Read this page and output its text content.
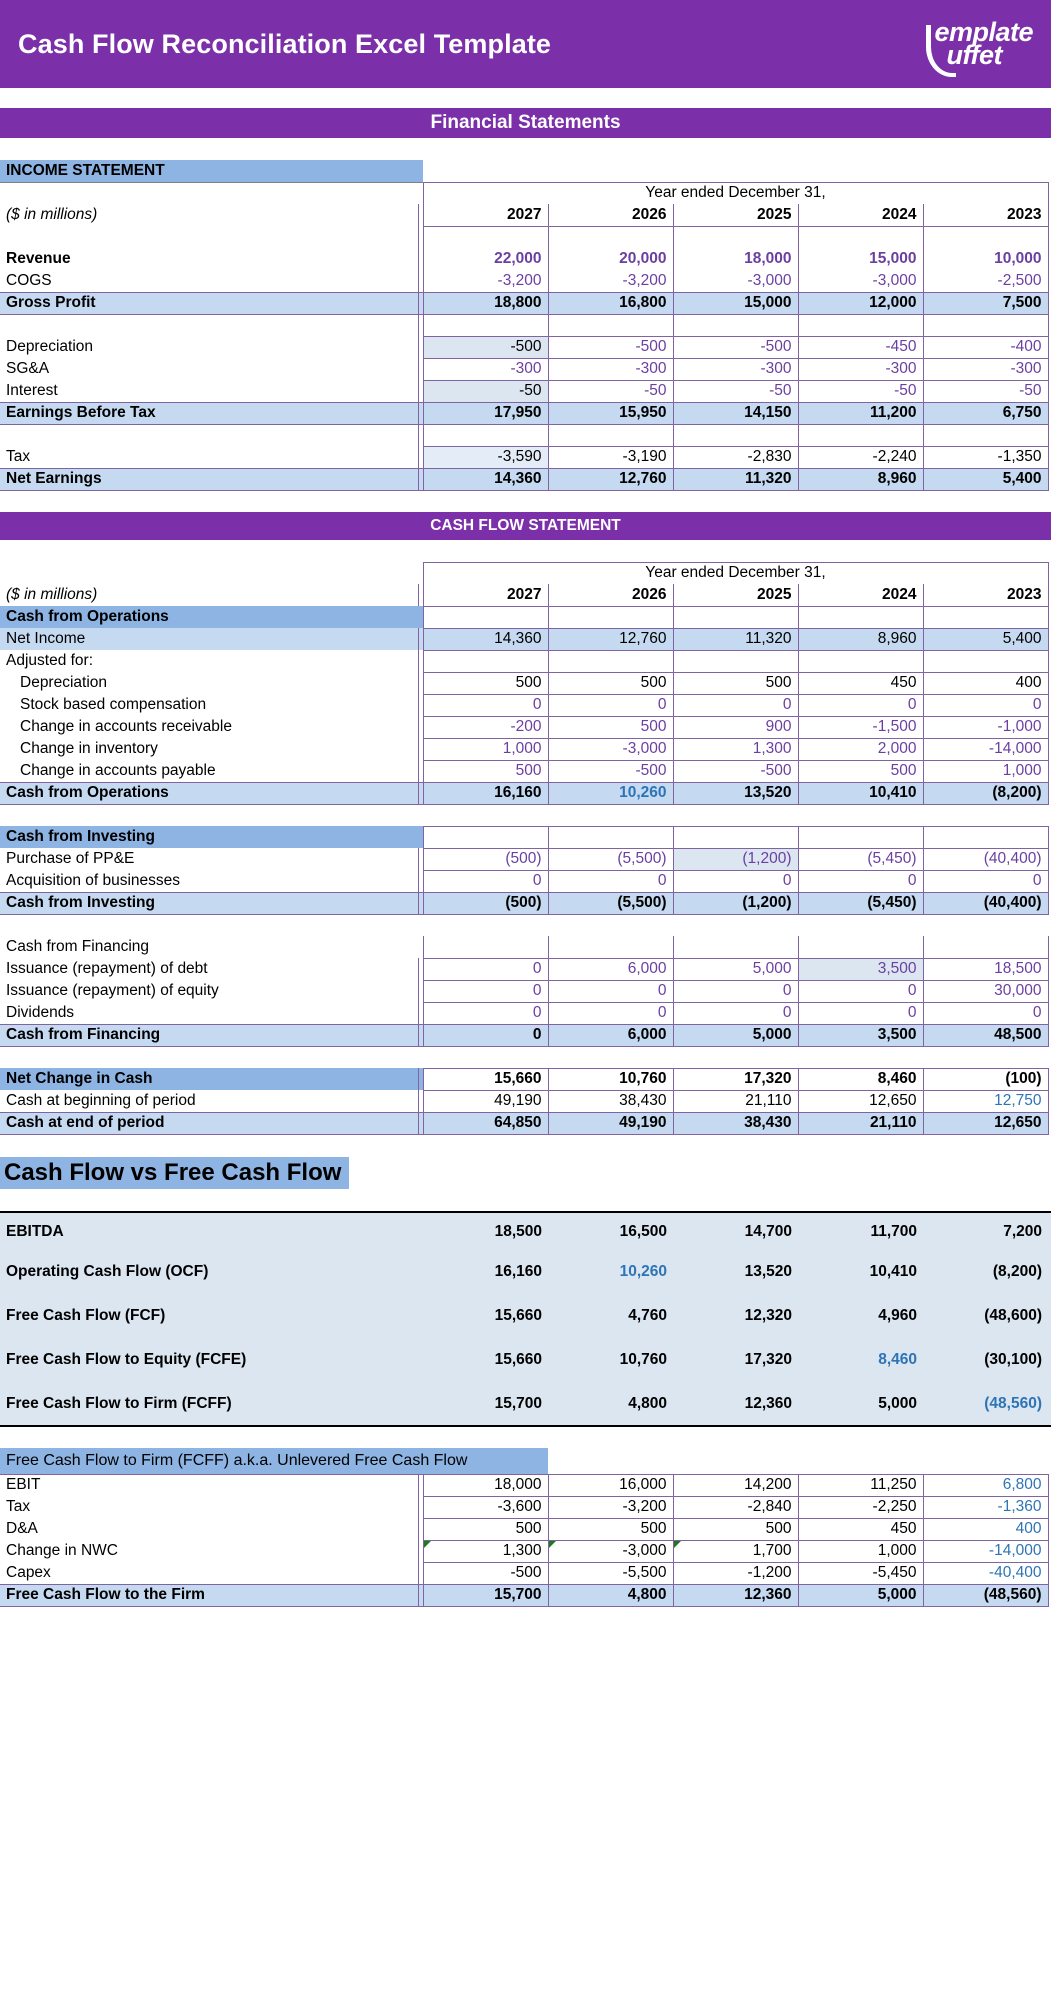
Cash Flow Reconciliation Excel Template	emplate
uffet
Financial Statements

INCOME STATEMENT							
		Year ended December 31,					
($ in millions)		2027	2026	2025	2024	2023	

Revenue		22,000	20,000	18,000	15,000	10,000	
COGS		-3,200	-3,200	-3,000	-3,000	-2,500	
Gross Profit		18,800	16,800	15,000	12,000	7,500	

Depreciation		-500	-500	-500	-450	-400	
SG&A		-300	-300	-300	-300	-300	
Interest		-50	-50	-50	-50	-50	
Earnings Before Tax		17,950	15,950	14,150	11,200	6,750	

Tax		-3,590	-3,190	-2,830	-2,240	-1,350	
Net Earnings		14,360	12,760	11,320	8,960	5,400	

CASH FLOW STATEMENT

		Year ended December 31,					
($ in millions)		2027	2026	2025	2024	2023	
Cash from Operations							
Net Income		14,360	12,760	11,320	8,960	5,400	
Adjusted for:							
Depreciation		500	500	500	450	400	
Stock based compensation		0	0	0	0	0	
Change in accounts receivable		-200	500	900	-1,500	-1,000	
Change in inventory		1,000	-3,000	1,300	2,000	-14,000	
Change in accounts payable		500	-500	-500	500	1,000	
Cash from Operations		16,160	10,260	13,520	10,410	(8,200)	

Cash from Investing							
Purchase of PP&E		(500)	(5,500)	(1,200)	(5,450)	(40,400)	
Acquisition of businesses		0	0	0	0	0	
Cash from Investing		(500)	(5,500)	(1,200)	(5,450)	(40,400)	

Cash from Financing							
Issuance (repayment) of debt		0	6,000	5,000	3,500	18,500	
Issuance (repayment) of equity		0	0	0	0	30,000	
Dividends		0	0	0	0	0	
Cash from Financing		0	6,000	5,000	3,500	48,500	

Net Change in Cash		15,660	10,760	17,320	8,460	(100)	
Cash at beginning of period		49,190	38,430	21,110	12,650	12,750	
Cash at end of period		64,850	49,190	38,430	21,110	12,650	

Cash Flow vs Free Cash Flow							

EBITDA		18,500	16,500	14,700	11,700	7,200	
Operating Cash Flow (OCF)		16,160	10,260	13,520	10,410	(8,200)	
Free Cash Flow (FCF)		15,660	4,760	12,320	4,960	(48,600)	
Free Cash Flow to Equity (FCFE)		15,660	10,760	17,320	8,460	(30,100)	
Free Cash Flow to Firm (FCFF)		15,700	4,800	12,360	5,000	(48,560)	

Free Cash Flow to Firm (FCFF) a.k.a. Unlevered Free Cash Flow							
EBIT		18,000	16,000	14,200	11,250	6,800	
Tax		-3,600	-3,200	-2,840	-2,250	-1,360	
D&A		500	500	500	450	400	
Change in NWC		1,300	-3,000	1,700	1,000	-14,000	
Capex		-500	-5,500	-1,200	-5,450	-40,400	
Free Cash Flow to the Firm		15,700	4,800	12,360	5,000	(48,560)	
